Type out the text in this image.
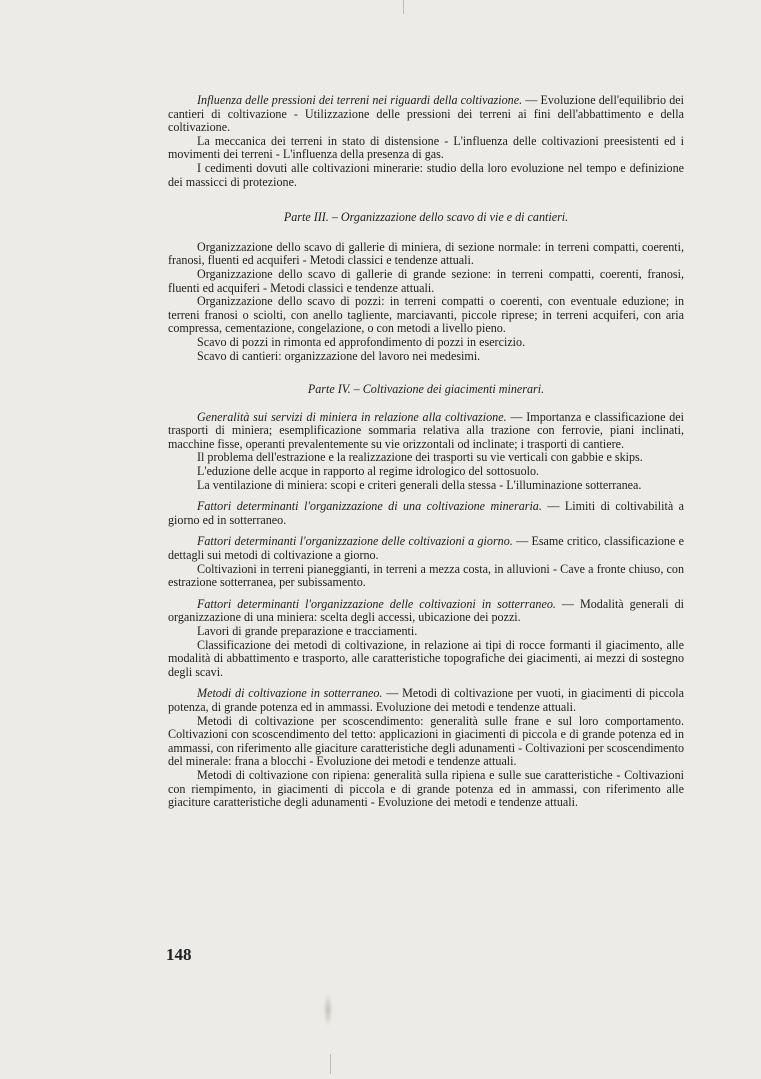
Influenza delle pressioni dei terreni nei riguardi della coltivazione. — Evoluzione dell'equilibrio dei cantieri di coltivazione - Utilizzazione delle pressioni dei terreni ai fini dell'abbattimento e della coltivazione.

La meccanica dei terreni in stato di distensione - L'influenza delle coltivazioni preesistenti ed i movimenti dei terreni - L'influenza della presenza di gas.

I cedimenti dovuti alle coltivazioni minerarie: studio della loro evoluzione nel tempo e definizione dei massicci di protezione.

Parte III. – Organizzazione dello scavo di vie e di cantieri.

Organizzazione dello scavo di gallerie di miniera, di sezione normale: in terreni compatti, coerenti, franosi, fluenti ed acquiferi - Metodi classici e tendenze attuali.

Organizzazione dello scavo di gallerie di grande sezione: in terreni compatti, coerenti, franosi, fluenti ed acquiferi - Metodi classici e tendenze attuali.

Organizzazione dello scavo di pozzi: in terreni compatti o coerenti, con eventuale eduzione; in terreni franosi o sciolti, con anello tagliente, marciavanti, piccole riprese; in terreni acquiferi, con aria compressa, cementazione, congelazione, o con metodi a livello pieno.

Scavo di pozzi in rimonta ed approfondimento di pozzi in esercizio.

Scavo di cantieri: organizzazione del lavoro nei medesimi.

Parte IV. – Coltivazione dei giacimenti minerari.

Generalità sui servizi di miniera in relazione alla coltivazione. — Importanza e classificazione dei trasporti di miniera; esemplificazione sommaria relativa alla trazione con ferrovie, piani inclinati, macchine fisse, operanti prevalentemente su vie orizzontali od inclinate; i trasporti di cantiere.

Il problema dell'estrazione e la realizzazione dei trasporti su vie verticali con gabbie e skips.

L'eduzione delle acque in rapporto al regime idrologico del sottosuolo.

La ventilazione di miniera: scopi e criteri generali della stessa - L'illuminazione sotterranea.

Fattori determinanti l'organizzazione di una coltivazione mineraria. — Limiti di coltivabilità a giorno ed in sotterraneo.

Fattori determinanti l'organizzazione delle coltivazioni a giorno. — Esame critico, classificazione e dettagli sui metodi di coltivazione a giorno.

Coltivazioni in terreni pianeggianti, in terreni a mezza costa, in alluvioni - Cave a fronte chiuso, con estrazione sotterranea, per subissamento.

Fattori determinanti l'organizzazione delle coltivazioni in sotterraneo. — Modalità generali di organizzazione di una miniera: scelta degli accessi, ubicazione dei pozzi.

Lavori di grande preparazione e tracciamenti.

Classificazione dei metodi di coltivazione, in relazione ai tipi di rocce formanti il giacimento, alle modalità di abbattimento e trasporto, alle caratteristiche topografiche dei giacimenti, ai mezzi di sostegno degli scavi.

Metodi di coltivazione in sotterraneo. — Metodi di coltivazione per vuoti, in giacimenti di piccola potenza, di grande potenza ed in ammassi. Evoluzione dei metodi e tendenze attuali.

Metodi di coltivazione per scoscendimento: generalità sulle frane e sul loro comportamento. Coltivazioni con scoscendimento del tetto: applicazioni in giacimenti di piccola e di grande potenza ed in ammassi, con riferimento alle giaciture caratteristiche degli adunamenti - Coltivazioni per scoscendimento del minerale: frana a blocchi - Evoluzione dei metodi e tendenze attuali.

Metodi di coltivazione con ripiena: generalità sulla ripiena e sulle sue caratteristiche - Coltivazioni con riempimento, in giacimenti di piccola e di grande potenza ed in ammassi, con riferimento alle giaciture caratteristiche degli adunamenti - Evoluzione dei metodi e tendenze attuali.

148
